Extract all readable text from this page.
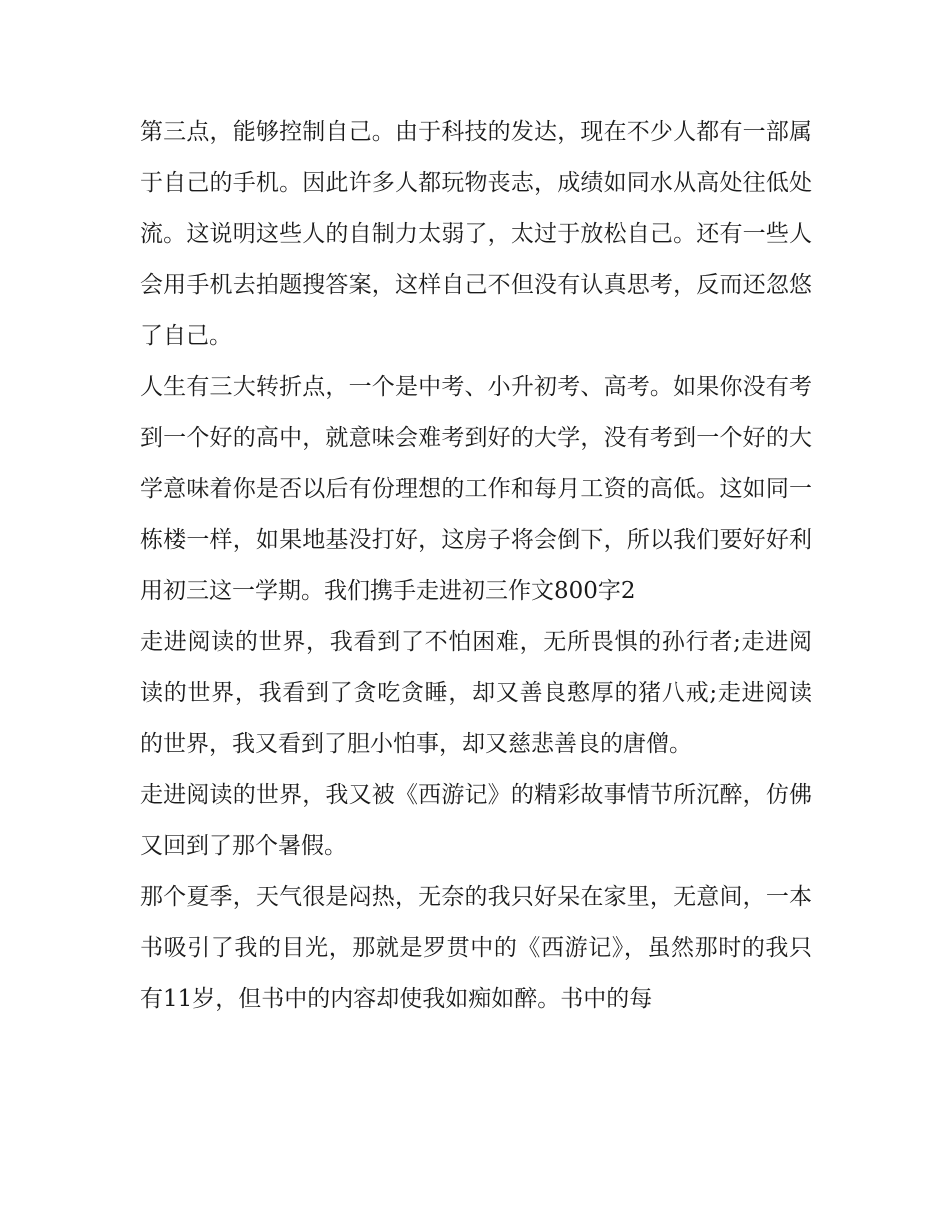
第三点，能够控制自己。由于科技的发达，现在不少人都有一部属于自己的手机。因此许多人都玩物丧志，成绩如同水从高处往低处流。这说明这些人的自制力太弱了，太过于放松自己。还有一些人会用手机去拍题搜答案，这样自己不但没有认真思考，反而还忽悠了自己。

人生有三大转折点，一个是中考、小升初考、高考。如果你没有考到一个好的高中，就意味会难考到好的大学，没有考到一个好的大学意味着你是否以后有份理想的工作和每月工资的高低。这如同一栋楼一样，如果地基没打好，这房子将会倒下，所以我们要好好利用初三这一学期。我们携手走进初三作文800字2

走进阅读的世界，我看到了不怕困难，无所畏惧的孙行者;走进阅读的世界，我看到了贪吃贪睡，却又善良憨厚的猪八戒;走进阅读的世界，我又看到了胆小怕事，却又慈悲善良的唐僧。

走进阅读的世界，我又被《西游记》的精彩故事情节所沉醉，仿佛又回到了那个暑假。

那个夏季，天气很是闷热，无奈的我只好呆在家里，无意间，一本书吸引了我的目光，那就是罗贯中的《西游记》，虽然那时的我只有11岁，但书中的内容却使我如痴如醉。书中的每
